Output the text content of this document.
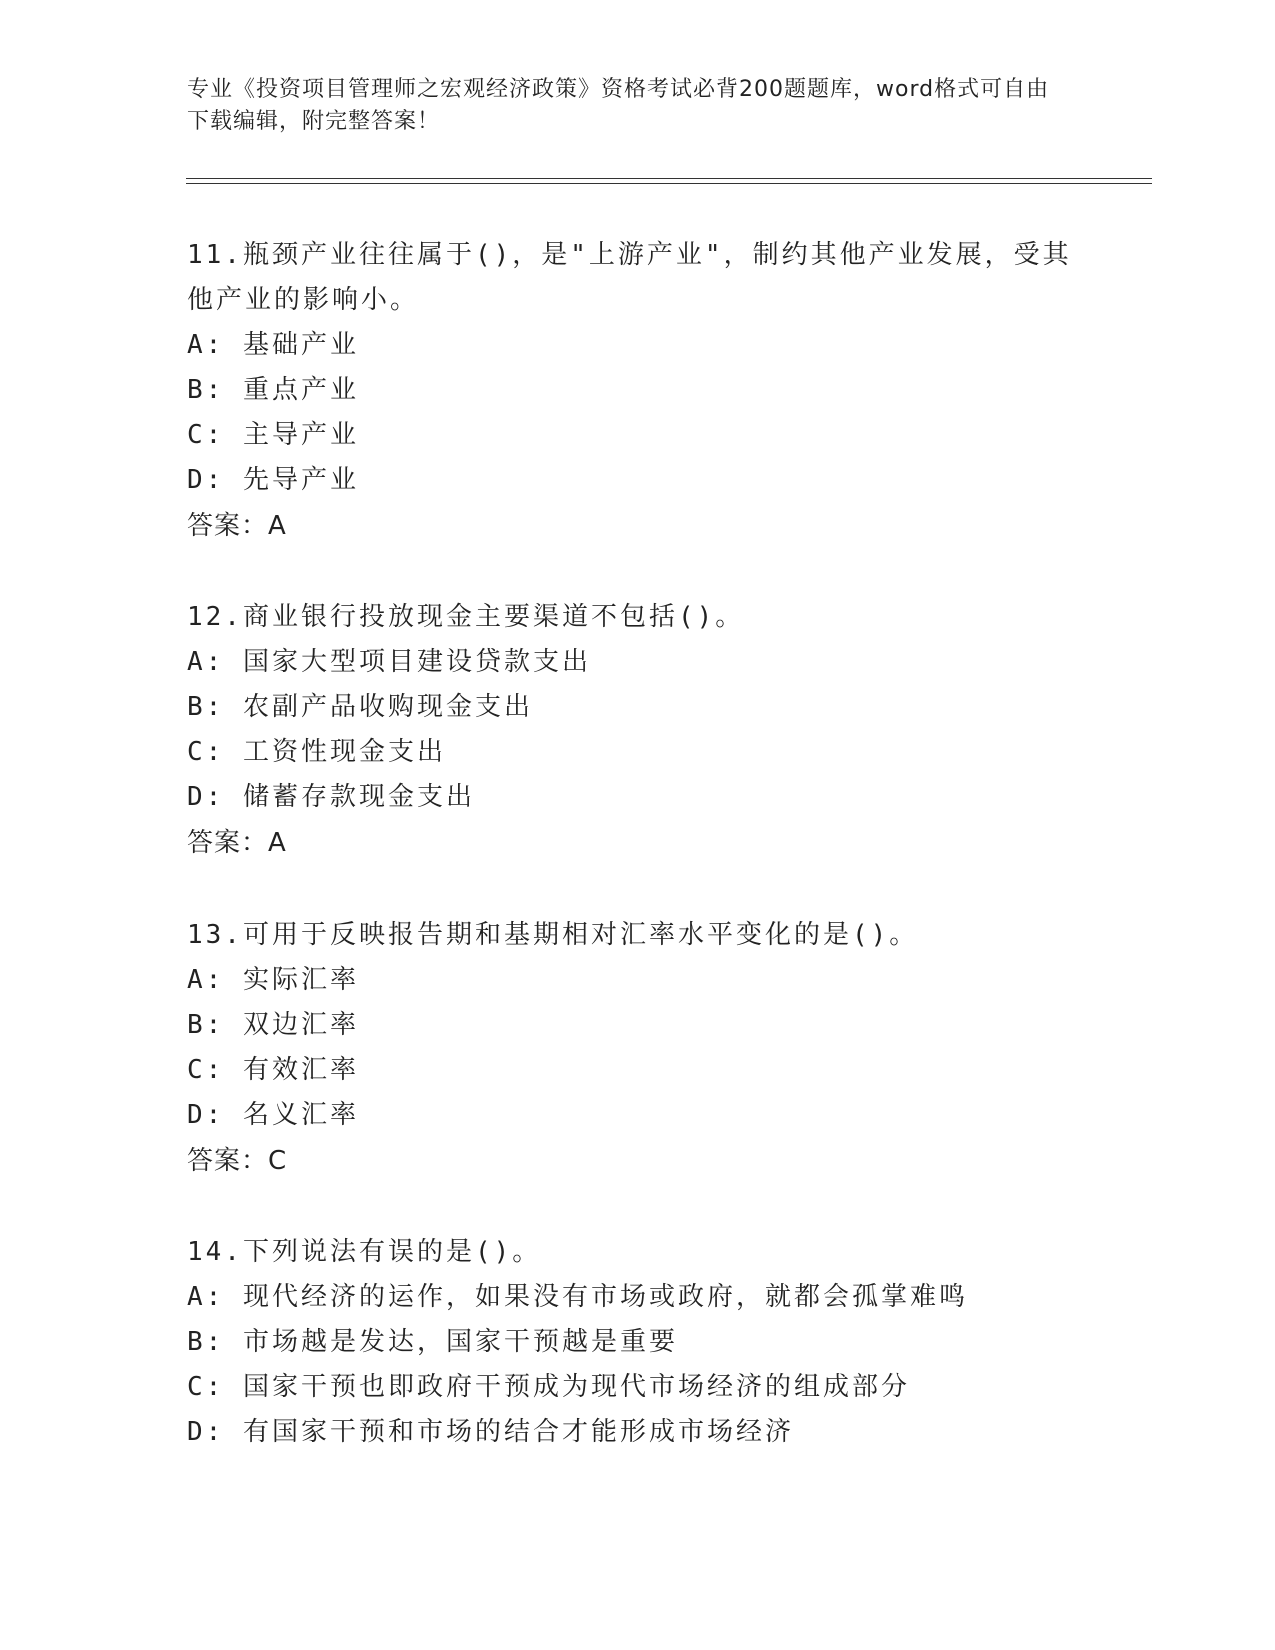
专业《投资项目管理师之宏观经济政策》资格考试必背200题题库，word格式可自由下载编辑，附完整答案！

11.瓶颈产业往往属于()，是"上游产业"，制约其他产业发展，受其他产业的影响小。

A: 基础产业
B: 重点产业
C: 主导产业
D: 先导产业
答案：A

12.商业银行投放现金主要渠道不包括()。

A: 国家大型项目建设贷款支出
B: 农副产品收购现金支出
C: 工资性现金支出
D: 储蓄存款现金支出
答案：A

13.可用于反映报告期和基期相对汇率水平变化的是()。

A: 实际汇率
B: 双边汇率
C: 有效汇率
D: 名义汇率
答案：C

14.下列说法有误的是()。

A: 现代经济的运作，如果没有市场或政府，就都会孤掌难鸣
B: 市场越是发达，国家干预越是重要
C: 国家干预也即政府干预成为现代市场经济的组成部分
D: 有国家干预和市场的结合才能形成市场经济
